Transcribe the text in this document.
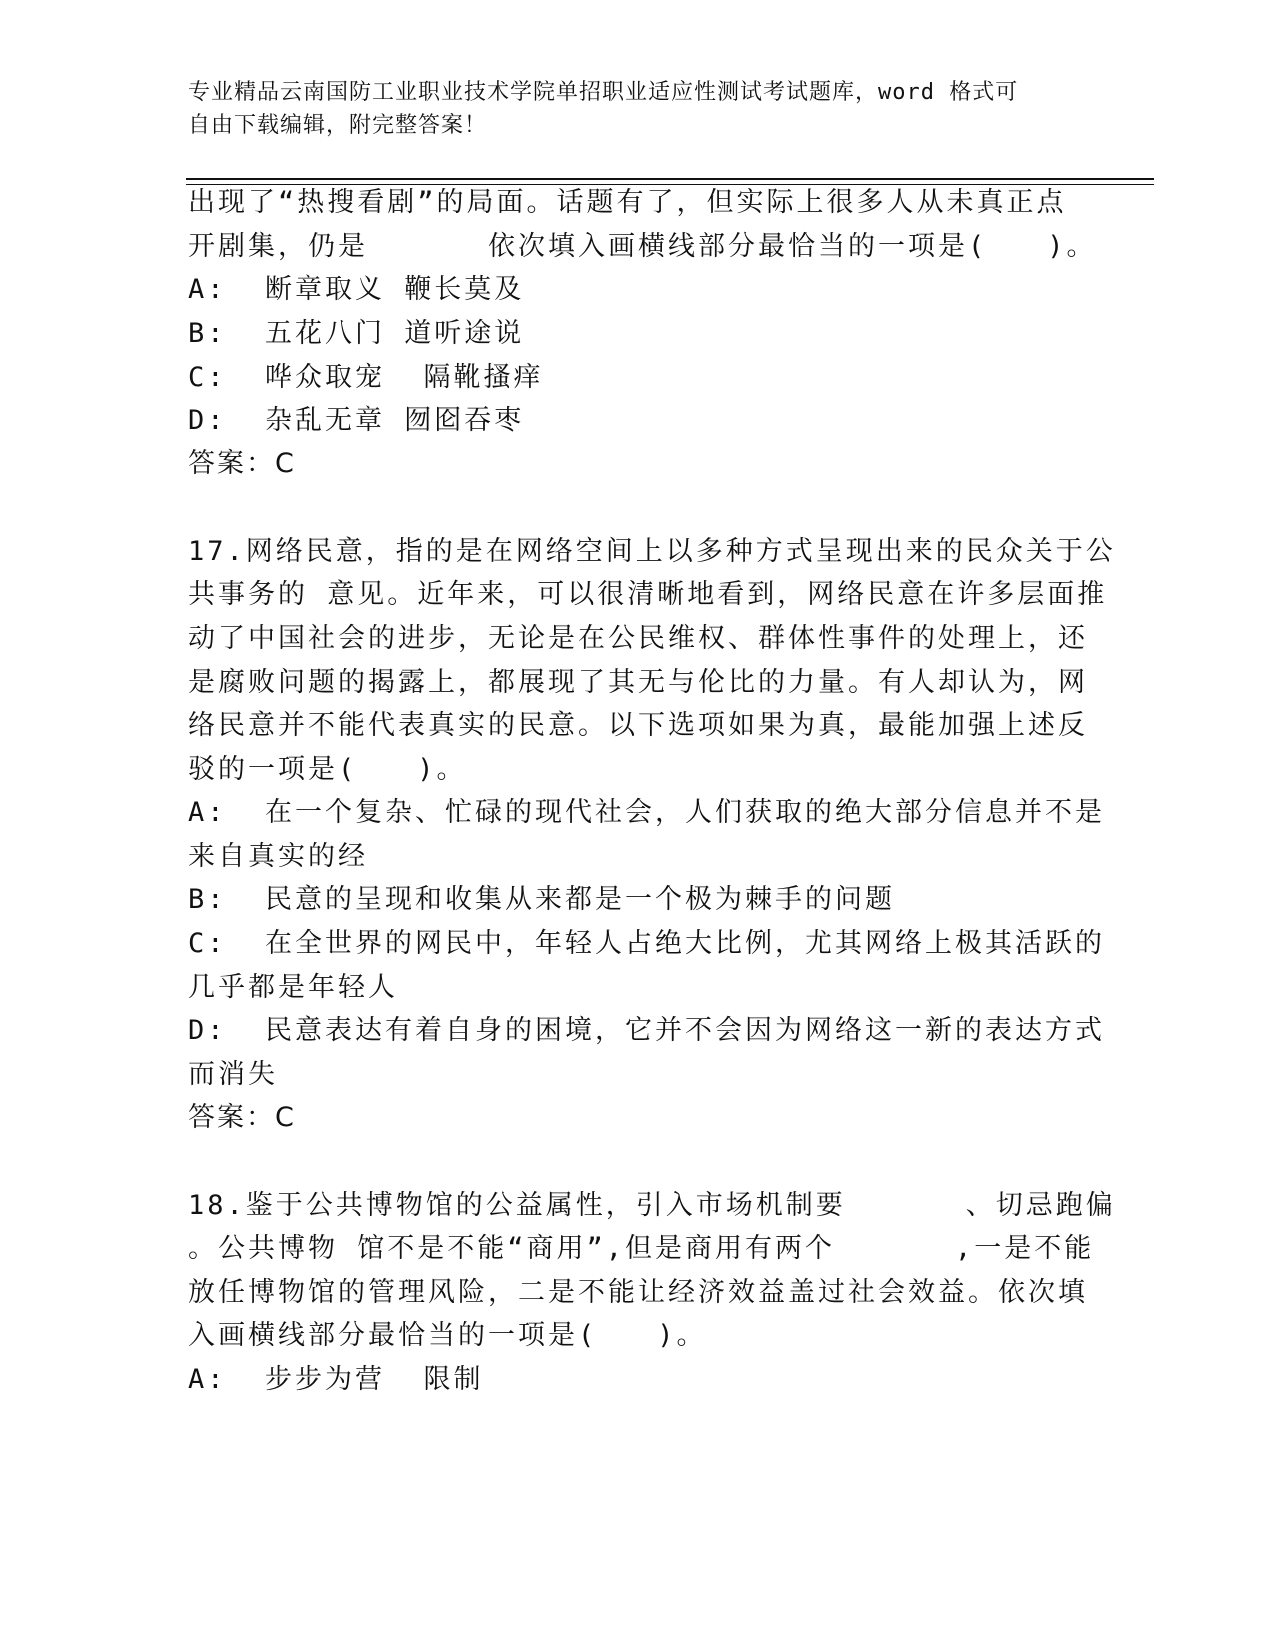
专业精品云南国防工业职业技术学院单招职业适应性测试考试题库，word 格式可
自由下载编辑，附完整答案！
出现了“热搜看剧”的局面。话题有了，但实际上很多人从未真正点
开剧集，仍是　　　　依次填入画横线部分最恰当的一项是(　　)。
A:  断章取义 鞭长莫及
B:  五花八门 道听途说
C:  哗众取宠  隔靴搔痒
D:  杂乱无章 囫囵吞枣
答案：C
17.网络民意，指的是在网络空间上以多种方式呈现出来的民众关于公
共事务的 意见。近年来，可以很清晰地看到，网络民意在许多层面推
动了中国社会的进步，无论是在公民维权、群体性事件的处理上，还
是腐败问题的揭露上，都展现了其无与伦比的力量。有人却认为，网
络民意并不能代表真实的民意。以下选项如果为真，最能加强上述反
驳的一项是(　　)。
A:  在一个复杂、忙碌的现代社会，人们获取的绝大部分信息并不是
来自真实的经
B:  民意的呈现和收集从来都是一个极为棘手的问题
C:  在全世界的网民中，年轻人占绝大比例，尤其网络上极其活跃的
几乎都是年轻人
D:  民意表达有着自身的困境，它并不会因为网络这一新的表达方式
而消失
答案：C
18.鉴于公共博物馆的公益属性，引入市场机制要　　　　、切忌跑偏
。公共博物 馆不是不能“商用”,但是商用有两个　　　　,一是不能
放任博物馆的管理风险，二是不能让经济效益盖过社会效益。依次填
入画横线部分最恰当的一项是(　　)。
A:  步步为营  限制
